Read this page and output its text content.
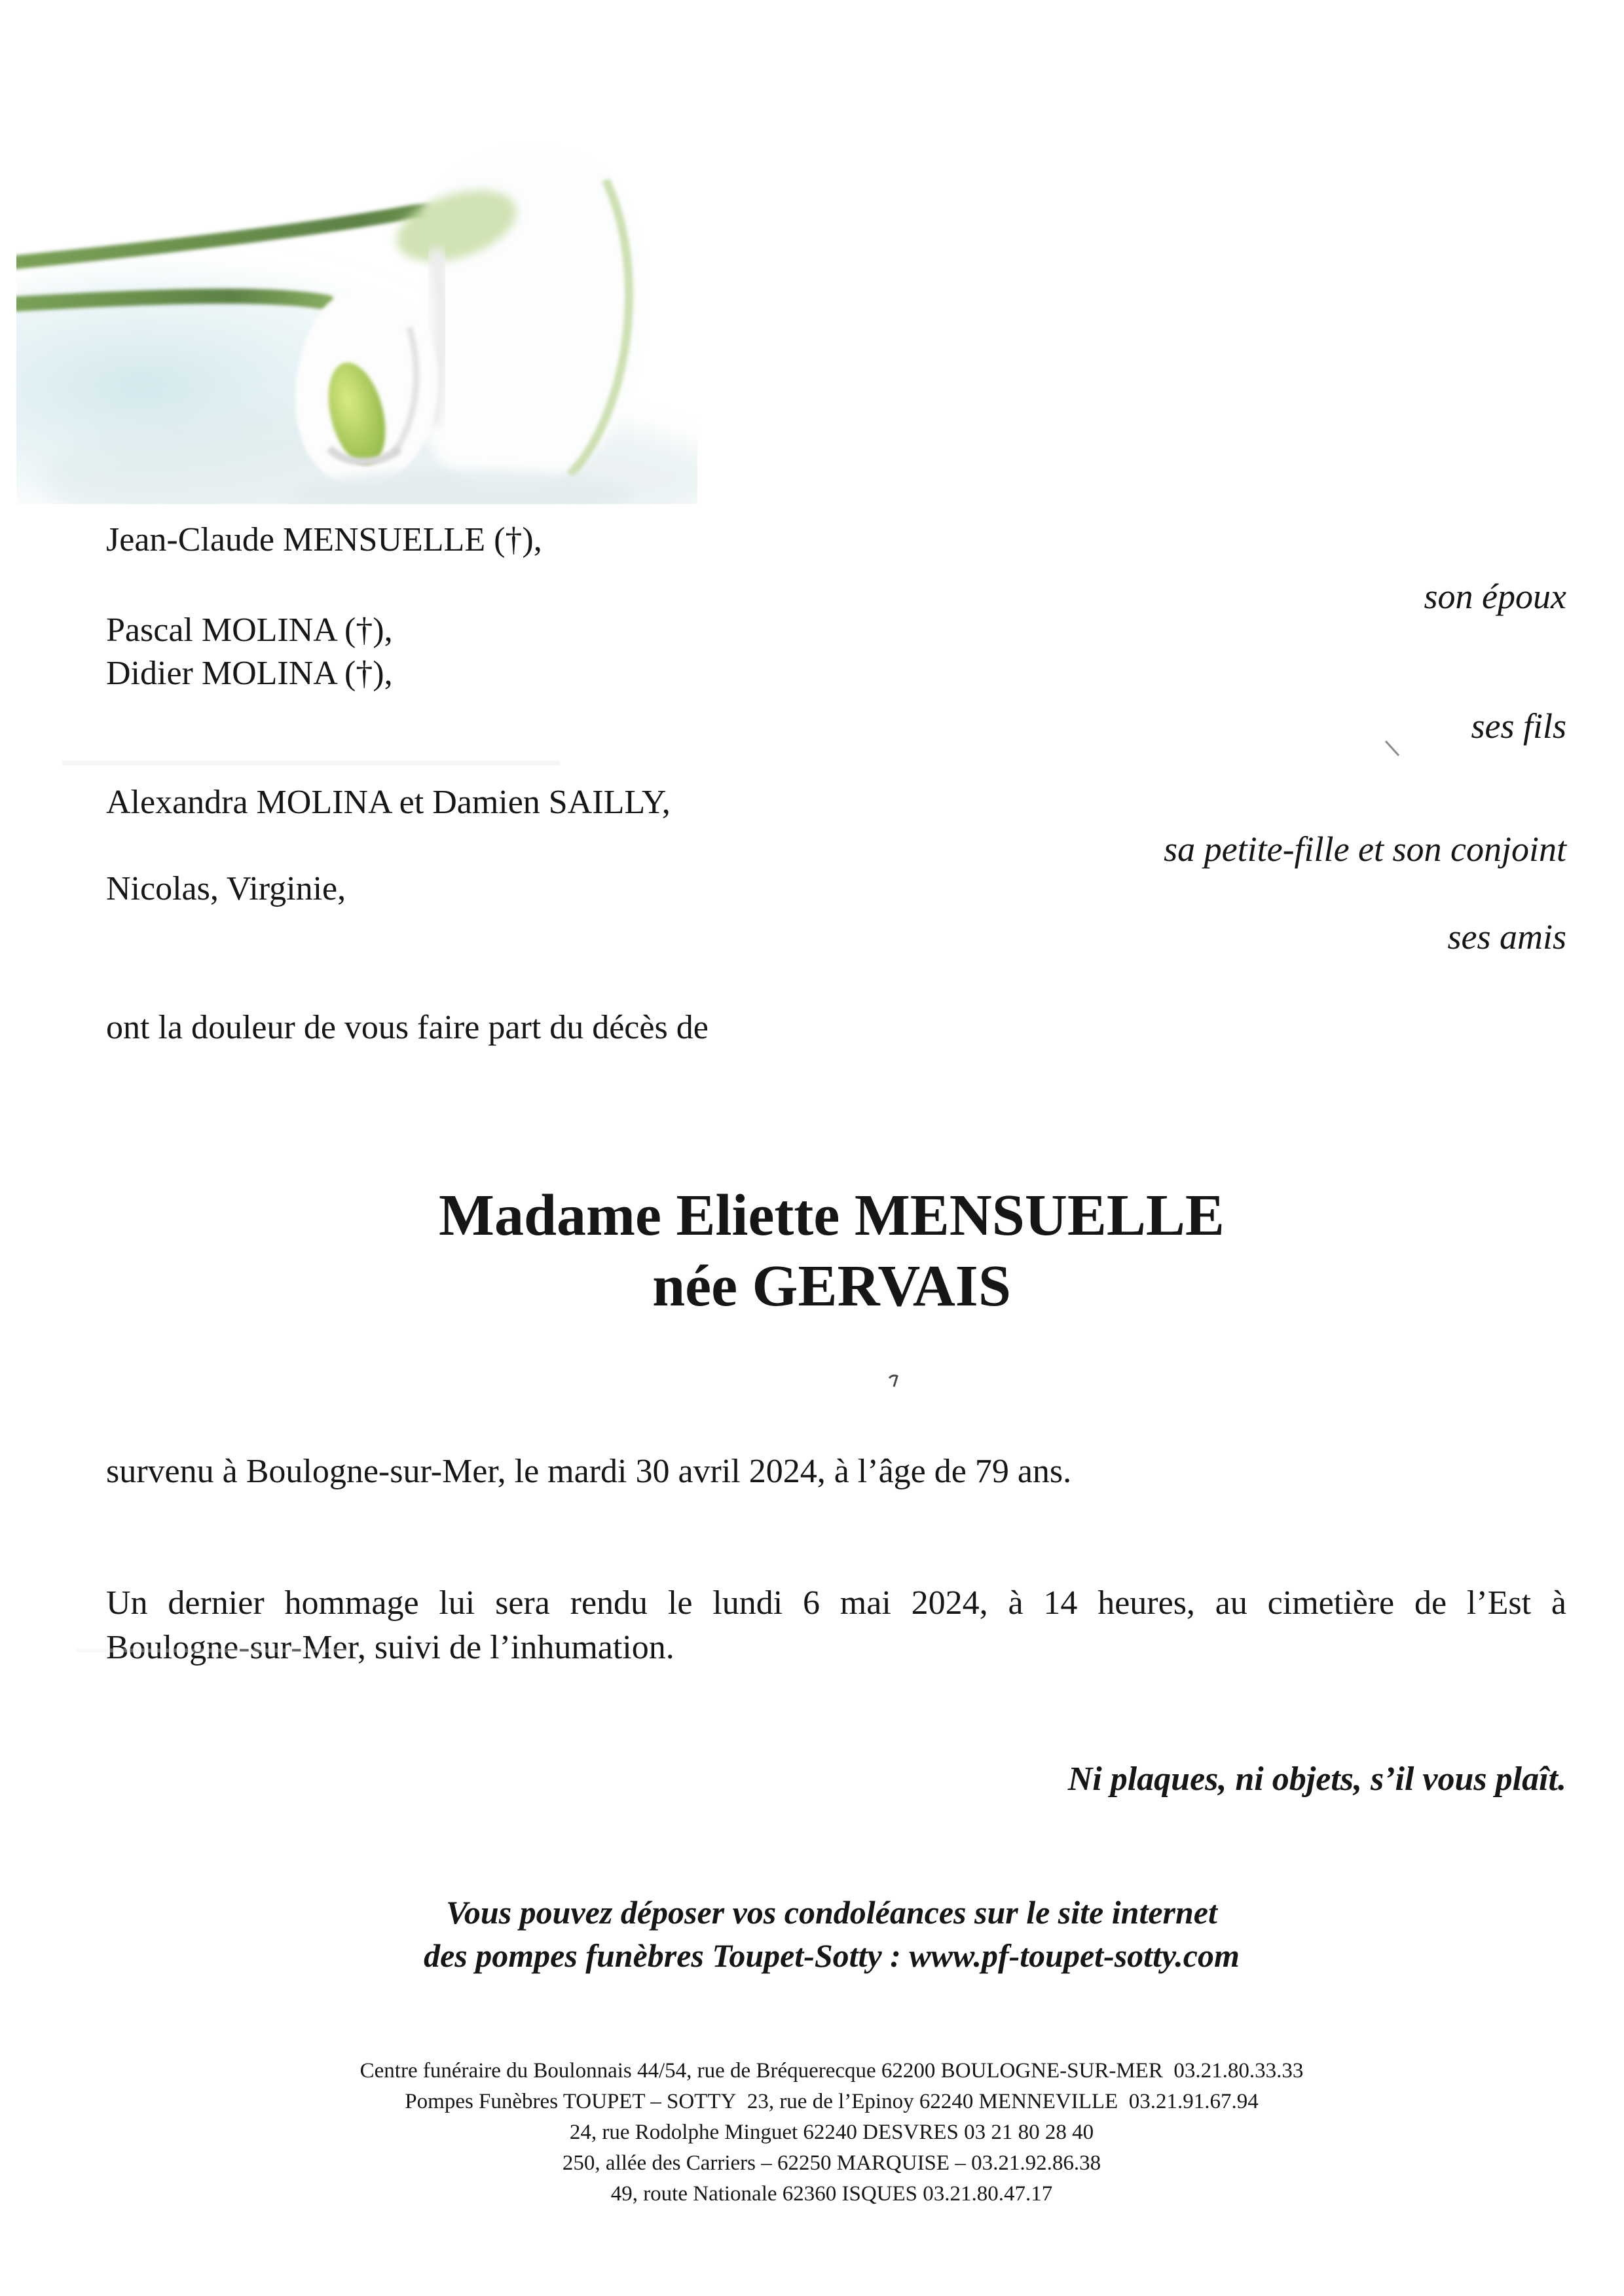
Jean-Claude MENSUELLE (†),
son époux
Pascal MOLINA (†),
Didier MOLINA (†),
ses fils
Alexandra MOLINA et Damien SAILLY,
sa petite-fille et son conjoint
Nicolas, Virginie,
ses amis
ont la douleur de vous faire part du décès de
Madame Eliette MENSUELLE
née GERVAIS
survenu à Boulogne-sur-Mer, le mardi 30 avril 2024, à l’âge de 79 ans.
Un dernier hommage lui sera rendu le lundi 6 mai 2024, à 14 heures, au cimetière de l’Est à
Boulogne-sur-Mer, suivi de l’inhumation.
Ni plaques, ni objets, s’il vous plaît.
Vous pouvez déposer vos condoléances sur le site internet
des pompes funèbres Toupet-Sotty : www.pf-toupet-sotty.com
Centre funéraire du Boulonnais 44/54, rue de Bréquerecque 62200 BOULOGNE-SUR-MER  03.21.80.33.33
Pompes Funèbres TOUPET – SOTTY  23, rue de l’Epinoy 62240 MENNEVILLE  03.21.91.67.94
24, rue Rodolphe Minguet 62240 DESVRES 03 21 80 28 40
250, allée des Carriers – 62250 MARQUISE – 03.21.92.86.38
49, route Nationale 62360 ISQUES 03.21.80.47.17
